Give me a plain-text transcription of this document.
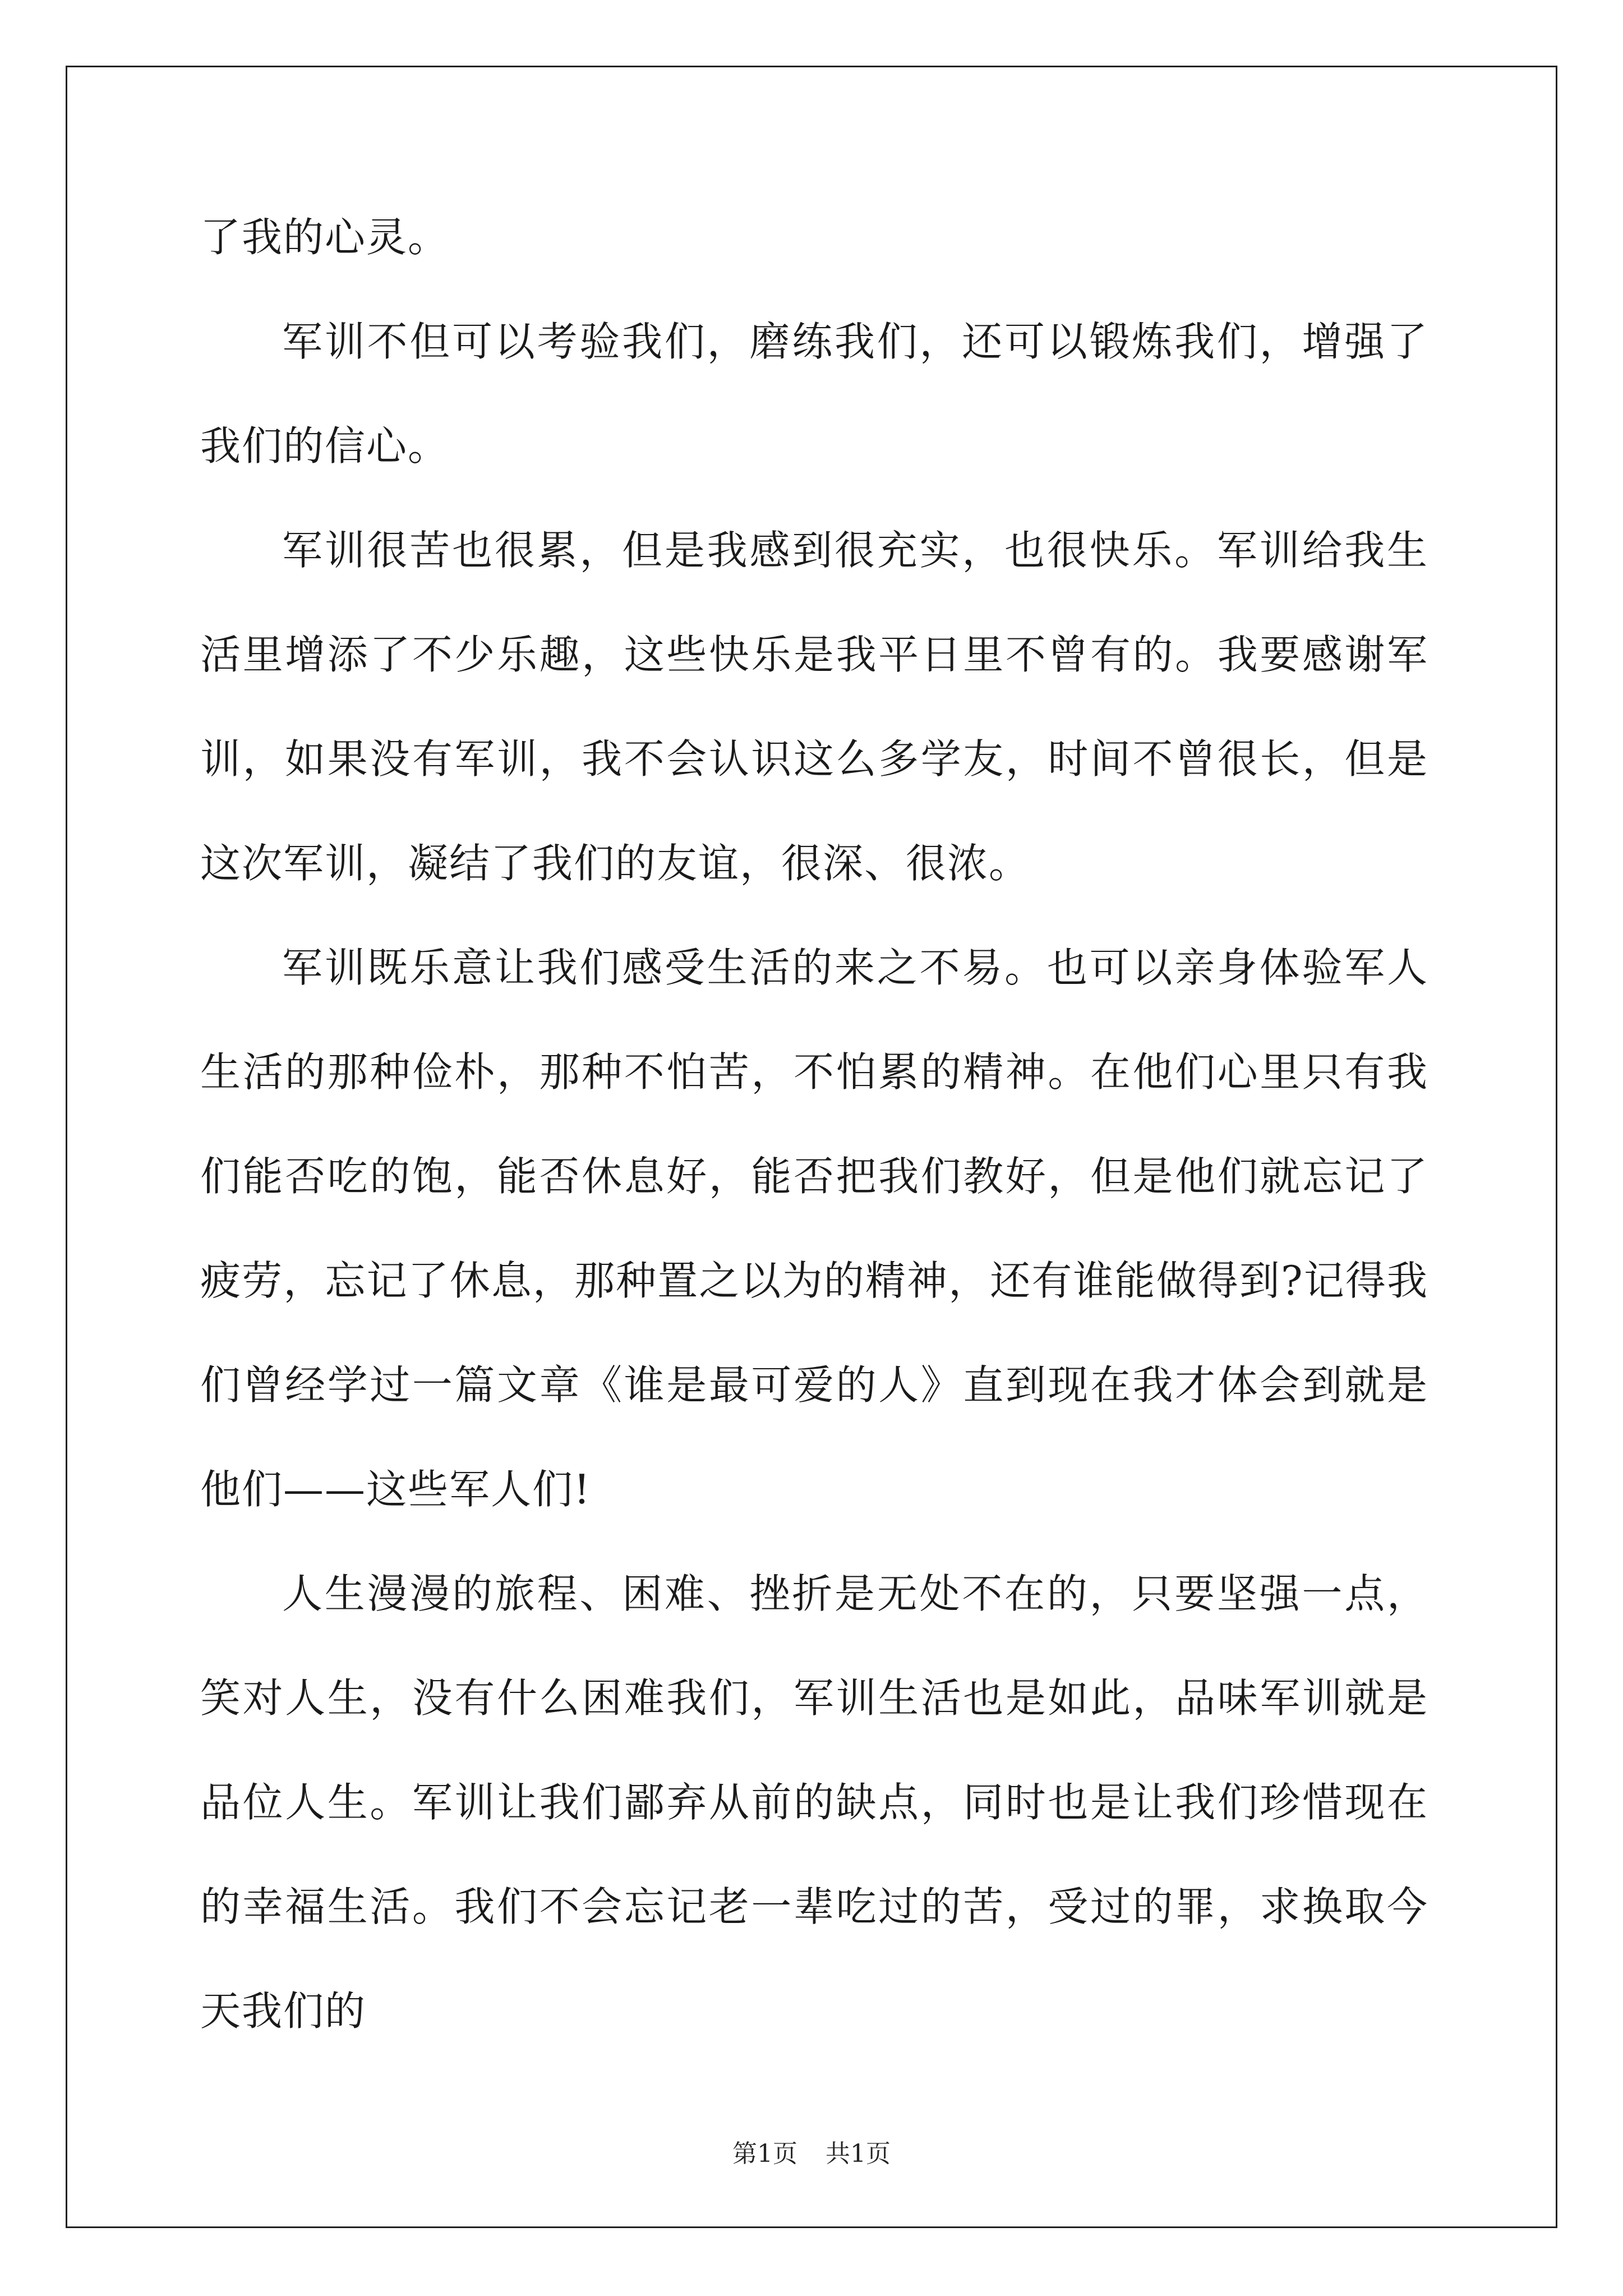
了我的心灵。

军训不但可以考验我们，磨练我们，还可以锻炼我们，增强了我们的信心。

军训很苦也很累，但是我感到很充实，也很快乐。军训给我生活里增添了不少乐趣，这些快乐是我平日里不曾有的。我要感谢军训，如果没有军训，我不会认识这么多学友，时间不曾很长，但是这次军训，凝结了我们的友谊，很深、很浓。

军训既乐意让我们感受生活的来之不易。也可以亲身体验军人生活的那种俭朴，那种不怕苦，不怕累的精神。在他们心里只有我们能否吃的饱，能否休息好，能否把我们教好，但是他们就忘记了疲劳，忘记了休息，那种置之以为的精神，还有谁能做得到?记得我们曾经学过一篇文章《谁是最可爱的人》直到现在我才体会到就是他们——这些军人们!

人生漫漫的旅程、困难、挫折是无处不在的，只要坚强一点，笑对人生，没有什么困难我们，军训生活也是如此，品味军训就是品位人生。军训让我们鄙弃从前的缺点，同时也是让我们珍惜现在的幸福生活。我们不会忘记老一辈吃过的苦，受过的罪，求换取今天我们的

第1页 共1页
